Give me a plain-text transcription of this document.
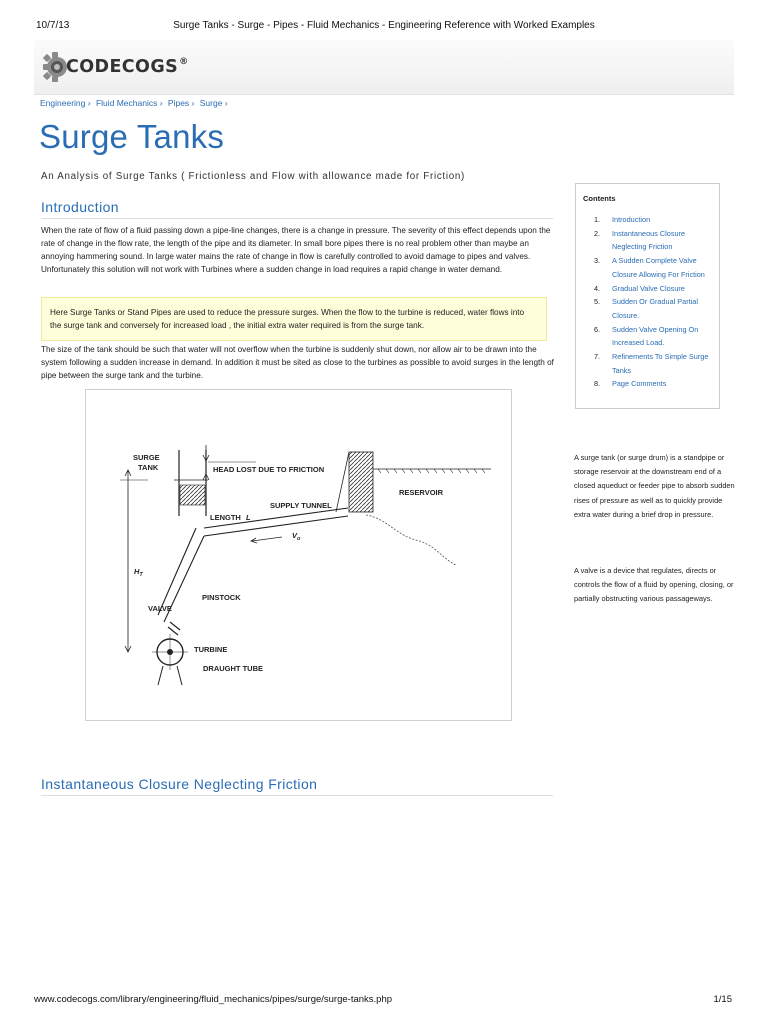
10/7/13	Surge Tanks - Surge - Pipes - Fluid Mechanics - Engineering Reference with Worked Examples
CODECOGS®
Engineering › Fluid Mechanics › Pipes › Surge ›
Surge Tanks
An Analysis of Surge Tanks ( Frictionless and Flow with allowance made for Friction)
Introduction

When the rate of flow of a fluid passing down a pipe-line changes, there is a change in pressure. The severity of this effect depends upon the rate of change in the flow rate, the length of the pipe and its diameter. In small bore pipes there is no real problem other than maybe an annoying hammering sound. In large water mains the rate of change in flow is carefully controlled to avoid damage to pipes and valves. Unfortunately this solution will not work with Turbines where a sudden change in load requires a rapid change in water demand.

Here Surge Tanks or Stand Pipes are used to reduce the pressure surges. When the flow to the turbine is reduced, water flows into the surge tank and conversely for increased load , the initial extra water required is from the surge tank.

The size of the tank should be such that water will not overflow when the turbine is suddenly shut down, nor allow air to be drawn into the system following a sudden increase in demand. In addition it must be sited as close to the turbines as possible to avoid surges in the length of pipe between the surge tank and the turbine.

SURGE
TANK	HEAD LOST DUE TO FRICTION
RESERVOIR
SUPPLY TUNNEL
LENGTH L
$V_o$
$H_T$
PINSTOCK
VALVE
TURBINE
DRAUGHT TUBE
Contents
1. Introduction
2. Instantaneous Closure Neglecting Friction
3. A Sudden Complete Valve Closure Allowing For Friction
4. Gradual Valve Closure
5. Sudden Or Gradual Partial Closure.
6. Sudden Valve Opening On Increased Load.
7. Refinements To Simple Surge Tanks
8. Page Comments

A surge tank (or surge drum) is a standpipe or storage reservoir at the downstream end of a closed aqueduct or feeder pipe to absorb sudden rises of pressure as well as to quickly provide extra water during a brief drop in pressure.

A valve is a device that regulates, directs or controls the flow of a fluid by opening, closing, or partially obstructing various passageways.

Instantaneous Closure Neglecting Friction
www.codecogs.com/library/engineering/fluid_mechanics/pipes/surge/surge-tanks.php	1/15
